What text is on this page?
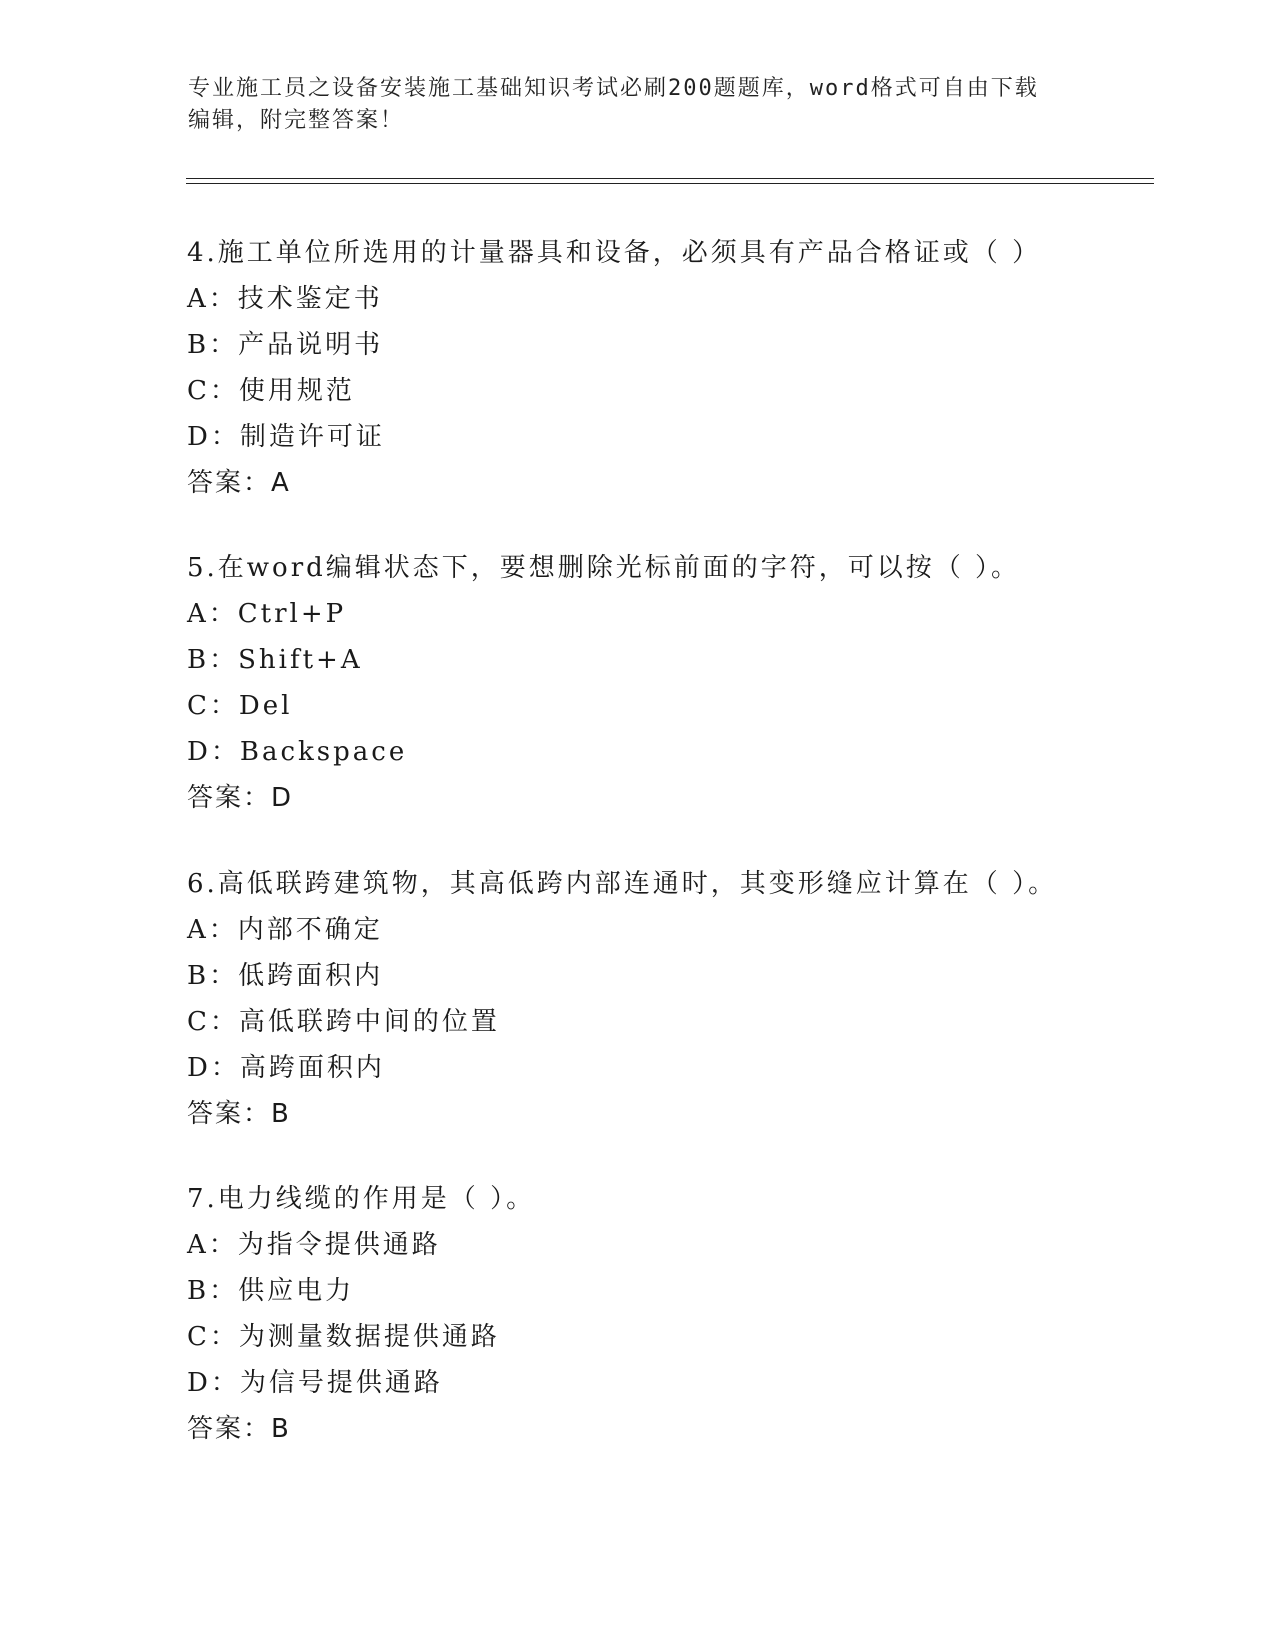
专业施工员之设备安装施工基础知识考试必刷200题题库，word格式可自由下载
编辑，附完整答案！
4.施工单位所选用的计量器具和设备，必须具有产品合格证或（ ）
A：技术鉴定书
B：产品说明书
C：使用规范
D：制造许可证
答案：A
5.在word编辑状态下，要想删除光标前面的字符，可以按（ ）。
A：Ctrl+P
B：Shift+A
C：Del
D：Backspace
答案：D
6.高低联跨建筑物，其高低跨内部连通时，其变形缝应计算在（ ）。
A：内部不确定
B：低跨面积内
C：高低联跨中间的位置
D：高跨面积内
答案：B
7.电力线缆的作用是（ ）。
A：为指令提供通路
B：供应电力
C：为测量数据提供通路
D：为信号提供通路
答案：B
